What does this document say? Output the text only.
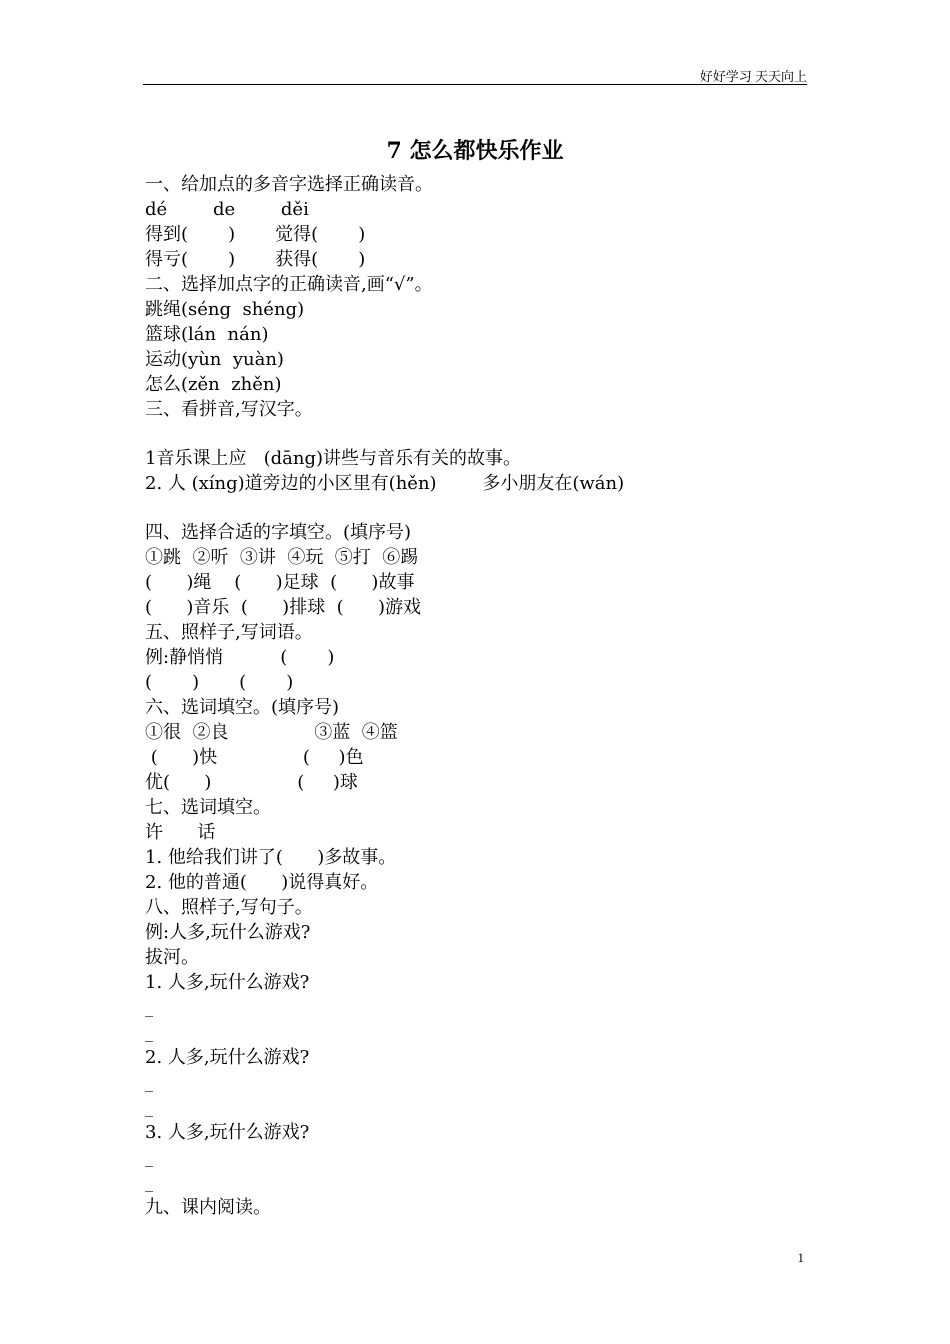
好好学习 天天向上
7 怎么都快乐作业
一、给加点的多音字选择正确读音。
dé        de        děi
得到(       )       觉得(       )
得亏(       )       获得(       )
二、选择加点字的正确读音,画“√”。
跳绳(séng  shéng)
篮球(lán  nán)
运动(yùn  yuàn)
怎么(zěn  zhěn)
三、看拼音,写汉字。
1音乐课上应   (dāng)讲些与音乐有关的故事。
2. 人 (xíng)道旁边的小区里有(hěn)        多小朋友在(wán)
四、选择合适的字填空。(填序号)
①跳  ②听  ③讲  ④玩  ⑤打  ⑥踢
(      )绳    (      )足球  (      )故事
(      )音乐  (      )排球  (      )游戏
五、照样子,写词语。
例:静悄悄          (       )
(       )       (       )
六、选词填空。(填序号)
①很  ②良               ③蓝  ④篮
(      )快               (     )色
优(      )               (     )球
七、选词填空。
许      话
1. 他给我们讲了(      )多故事。
2. 他的普通(      )说得真好。
八、照样子,写句子。
例:人多,玩什么游戏?
拔河。
1. 人多,玩什么游戏?
_
_
2. 人多,玩什么游戏?
_
_
3. 人多,玩什么游戏?
_
_
九、课内阅读。
1
